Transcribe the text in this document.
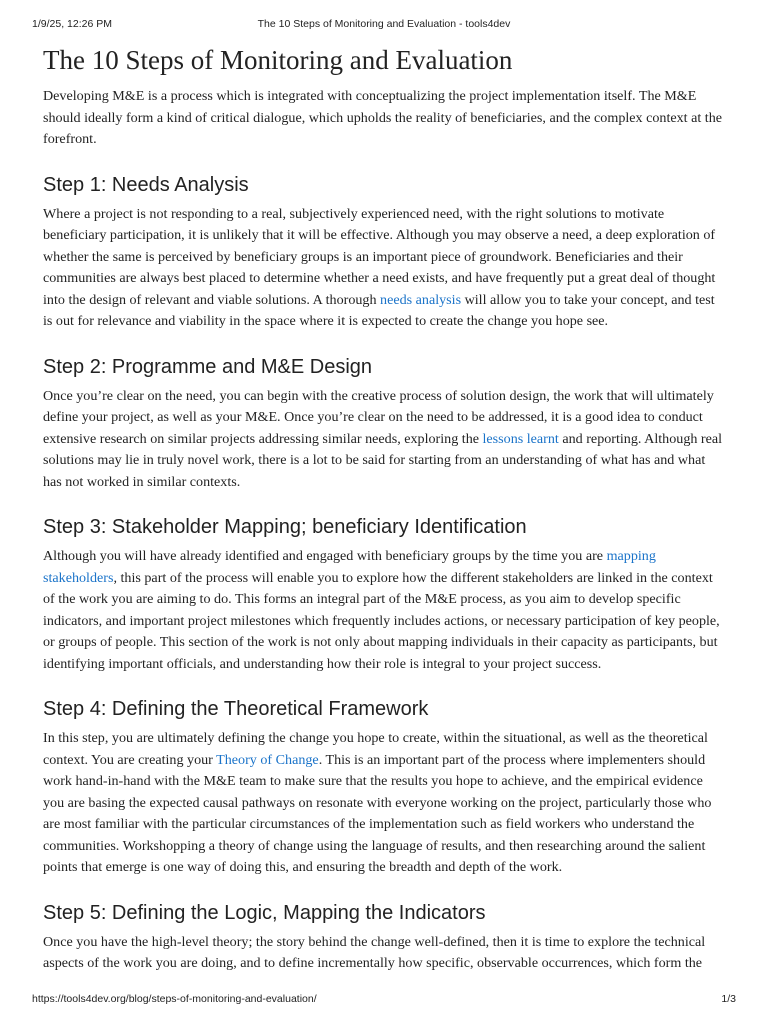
1/9/25, 12:26 PM	The 10 Steps of Monitoring and Evaluation - tools4dev
The 10 Steps of Monitoring and Evaluation

Developing M&E is a process which is integrated with conceptualizing the project implementation itself. The M&E should ideally form a kind of critical dialogue, which upholds the reality of beneficiaries, and the complex context at the forefront.

Step 1: Needs Analysis

Where a project is not responding to a real, subjectively experienced need, with the right solutions to motivate beneficiary participation, it is unlikely that it will be effective. Although you may observe a need, a deep exploration of whether the same is perceived by beneficiary groups is an important piece of groundwork. Beneficiaries and their communities are always best placed to determine whether a need exists, and have frequently put a great deal of thought into the design of relevant and viable solutions. A thorough needs analysis will allow you to take your concept, and test is out for relevance and viability in the space where it is expected to create the change you hope see.

Step 2: Programme and M&E Design

Once you’re clear on the need, you can begin with the creative process of solution design, the work that will ultimately define your project, as well as your M&E. Once you’re clear on the need to be addressed, it is a good idea to conduct extensive research on similar projects addressing similar needs, exploring the lessons learnt and reporting. Although real solutions may lie in truly novel work, there is a lot to be said for starting from an understanding of what has and what has not worked in similar contexts.

Step 3: Stakeholder Mapping; beneficiary Identification

Although you will have already identified and engaged with beneficiary groups by the time you are mapping stakeholders, this part of the process will enable you to explore how the different stakeholders are linked in the context of the work you are aiming to do. This forms an integral part of the M&E process, as you aim to develop specific indicators, and important project milestones which frequently includes actions, or necessary participation of key people, or groups of people. This section of the work is not only about mapping individuals in their capacity as participants, but identifying important officials, and understanding how their role is integral to your project success.

Step 4: Defining the Theoretical Framework

In this step, you are ultimately defining the change you hope to create, within the situational, as well as the theoretical context. You are creating your Theory of Change. This is an important part of the process where implementers should work hand-in-hand with the M&E team to make sure that the results you hope to achieve, and the empirical evidence you are basing the expected causal pathways on resonate with everyone working on the project, particularly those who are most familiar with the particular circumstances of the implementation such as field workers who understand the communities. Workshopping a theory of change using the language of results, and then researching around the salient points that emerge is one way of doing this, and ensuring the breadth and depth of the work.

Step 5: Defining the Logic, Mapping the Indicators

Once you have the high-level theory; the story behind the change well-defined, then it is time to explore the technical aspects of the work you are doing, and to define incrementally how specific, observable occurrences, which form the

https://tools4dev.org/blog/steps-of-monitoring-and-evaluation/	1/3
